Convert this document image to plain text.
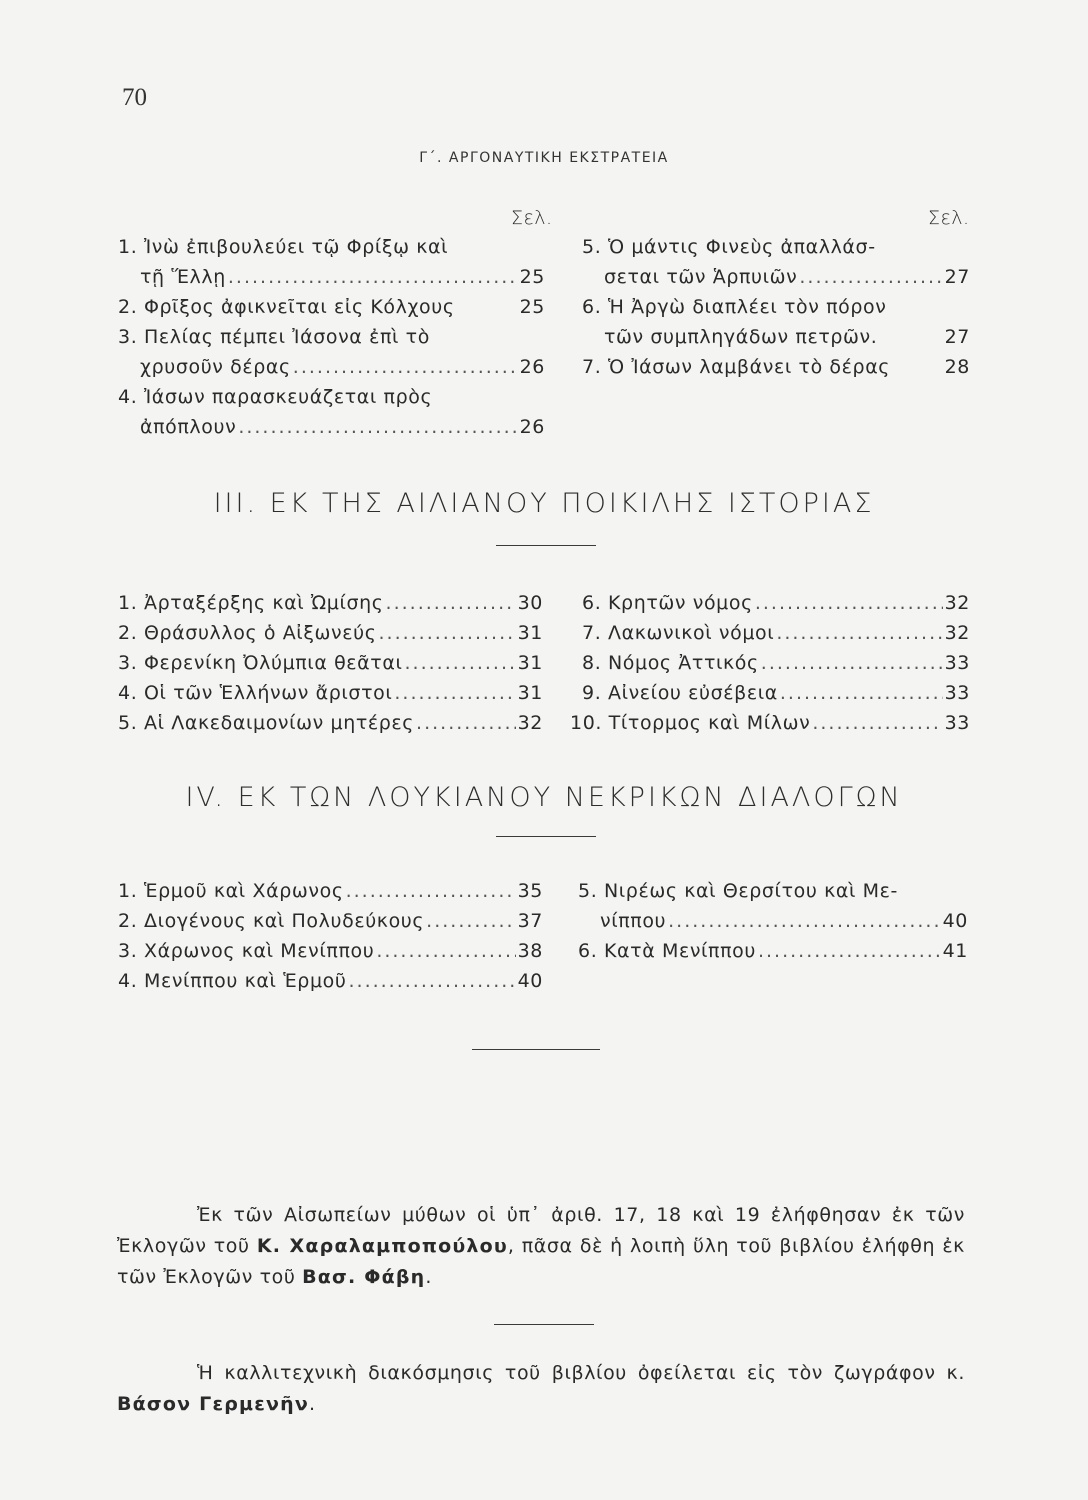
70
Γ΄. ΑΡΓΟΝΑΥΤΙΚΗ ΕΚΣΤΡΑΤΕΙΑ
Σελ.	Σελ.
1.
Ἰνὼ ἐπιβουλεύει τῷ Φρίξῳ καὶ
τῇ Ἕλλῃ .....	25
2.
Φρῖξος ἀφικνεῖται εἰς Κόλχους	25
3.
Πελίας πέμπει Ἰάσονα ἐπὶ τὸ
χρυσοῦν δέρας .....	26
4.
Ἰάσων παρασκευάζεται πρὸς
ἀπόπλουν .....	26
5.
Ὁ μάντις Φινεὺς ἀπαλλάσ-
σεται τῶν Ἁρπυιῶν .....	27
6.
Ἡ Ἀργὼ διαπλέει τὸν πόρον
τῶν συμπληγάδων πετρῶν.	27
7.
Ὁ Ἰάσων λαμβάνει τὸ δέρας	28
III. ΕΚ ΤΗΣ ΑΙΛΙΑΝΟΥ ΠΟΙΚΙΛΗΣ ΙΣΤΟΡΙΑΣ
1.
Ἀρταξέρξης καὶ Ὠμίσης .....	30
2.
Θράσυλλος ὁ Αἰξωνεύς .....	31
3.
Φερενίκη Ὀλύμπια θεᾶται .....	31
4.
Οἱ τῶν Ἑλλήνων ἄριστοι .....	31
5.
Αἱ Λακεδαιμονίων μητέρες .....	32
6.
Κρητῶν νόμος .....	32
7.
Λακωνικοὶ νόμοι .....	32
8.
Νόμος Ἀττικός .....	33
9.
Αἰνείου εὐσέβεια .....	33
10.
Τίτορμος καὶ Μίλων .....	33
IV. ΕΚ ΤΩΝ ΛΟΥΚΙΑΝΟΥ ΝΕΚΡΙΚΩΝ ΔΙΑΛΟΓΩΝ
1.
Ἑρμοῦ καὶ Χάρωνος .....	35
2.
Διογένους καὶ Πολυδεύκους .....	37
3.
Χάρωνος καὶ Μενίππου .....	38
4.
Μενίππου καὶ Ἑρμοῦ .....	40
5.
Νιρέως καὶ Θερσίτου καὶ Με-
νίππου .....	40
6.
Κατὰ Μενίππου .....	41
Ἐκ τῶν Αἰσωπείων μύθων οἱ ὑπ᾽ ἀριθ. 17, 18 καὶ 19 ἐλήφθησαν ἐκ τῶν Ἐκλογῶν τοῦ Κ. Χαραλαμποπούλου, πᾶσα δὲ ἡ λοιπὴ ὕλη τοῦ βιβλίου ἐλήφθη ἐκ τῶν Ἐκλογῶν τοῦ Βασ. Φάβη.
Ἡ καλλιτεχνικὴ διακόσμησις τοῦ βιβλίου ὀφείλεται εἰς τὸν ζωγράφον κ. Βάσον Γερμενῆν.
